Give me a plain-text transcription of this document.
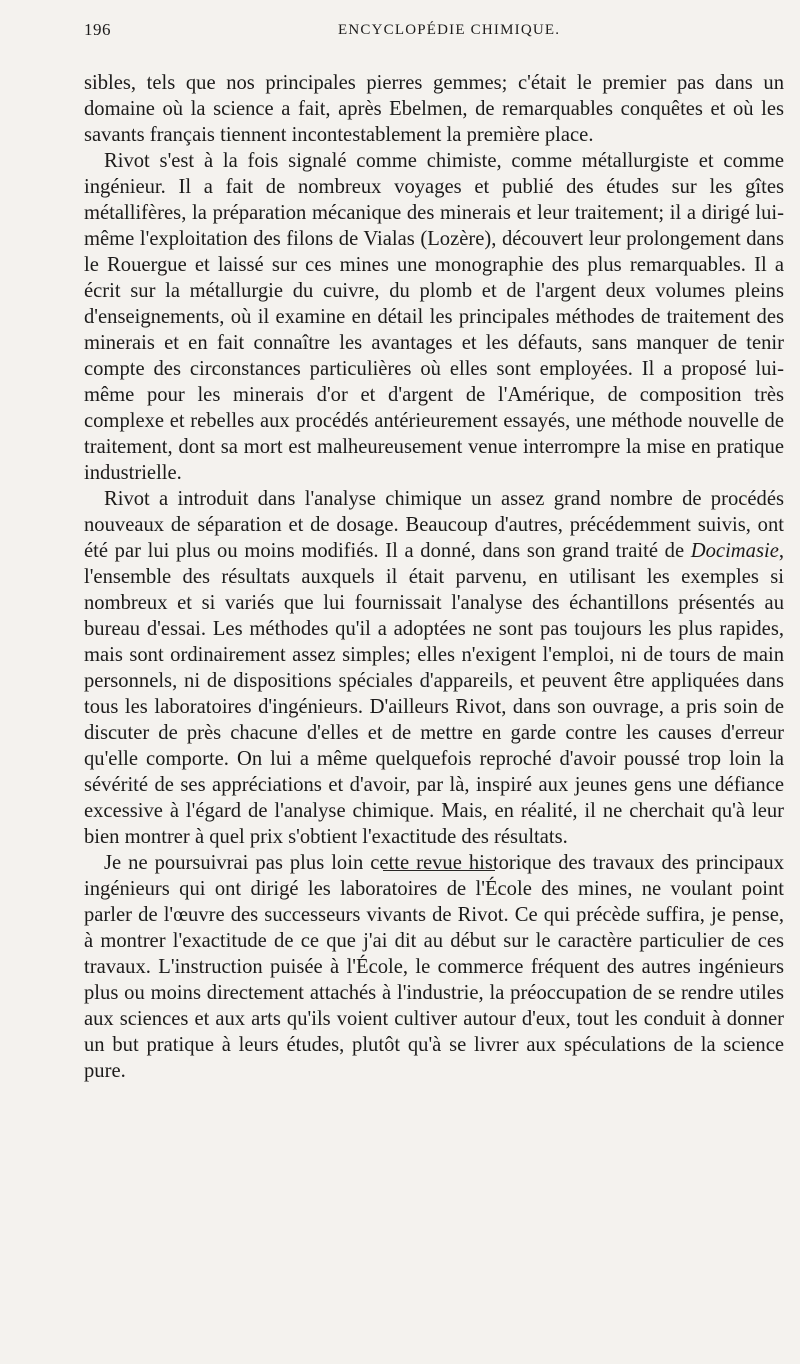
196	ENCYCLOPÉDIE CHIMIQUE.

sibles, tels que nos principales pierres gemmes; c'était le premier pas dans un domaine où la science a fait, après Ebelmen, de remarquables conquêtes et où les savants français tiennent incontestablement la première place.

Rivot s'est à la fois signalé comme chimiste, comme métallurgiste et comme ingénieur. Il a fait de nombreux voyages et publié des études sur les gîtes métallifères, la préparation mécanique des minerais et leur traitement; il a dirigé lui-même l'exploitation des filons de Vialas (Lozère), découvert leur prolongement dans le Rouergue et laissé sur ces mines une monographie des plus remarquables. Il a écrit sur la métallurgie du cuivre, du plomb et de l'argent deux volumes pleins d'enseignements, où il examine en détail les principales méthodes de traitement des minerais et en fait connaître les avantages et les défauts, sans manquer de tenir compte des circonstances particulières où elles sont employées. Il a proposé lui-même pour les minerais d'or et d'argent de l'Amérique, de composition très complexe et rebelles aux procédés antérieurement essayés, une méthode nouvelle de traitement, dont sa mort est malheureusement venue interrompre la mise en pratique industrielle.

Rivot a introduit dans l'analyse chimique un assez grand nombre de procédés nouveaux de séparation et de dosage. Beaucoup d'autres, précédemment suivis, ont été par lui plus ou moins modifiés. Il a donné, dans son grand traité de Docimasie, l'ensemble des résultats auxquels il était parvenu, en utilisant les exemples si nombreux et si variés que lui fournissait l'analyse des échantillons présentés au bureau d'essai. Les méthodes qu'il a adoptées ne sont pas toujours les plus rapides, mais sont ordinairement assez simples; elles n'exigent l'emploi, ni de tours de main personnels, ni de dispositions spéciales d'appareils, et peuvent être appliquées dans tous les laboratoires d'ingénieurs. D'ailleurs Rivot, dans son ouvrage, a pris soin de discuter de près chacune d'elles et de mettre en garde contre les causes d'erreur qu'elle comporte. On lui a même quelquefois reproché d'avoir poussé trop loin la sévérité de ses appréciations et d'avoir, par là, inspiré aux jeunes gens une défiance excessive à l'égard de l'analyse chimique. Mais, en réalité, il ne cherchait qu'à leur bien montrer à quel prix s'obtient l'exactitude des résultats.

Je ne poursuivrai pas plus loin cette revue historique des travaux des principaux ingénieurs qui ont dirigé les laboratoires de l'École des mines, ne voulant point parler de l'œuvre des successeurs vivants de Rivot. Ce qui précède suffira, je pense, à montrer l'exactitude de ce que j'ai dit au début sur le caractère particulier de ces travaux. L'instruction puisée à l'École, le commerce fréquent des autres ingénieurs plus ou moins directement attachés à l'industrie, la préoccupation de se rendre utiles aux sciences et aux arts qu'ils voient cultiver autour d'eux, tout les conduit à donner un but pratique à leurs études, plutôt qu'à se livrer aux spéculations de la science pure.
